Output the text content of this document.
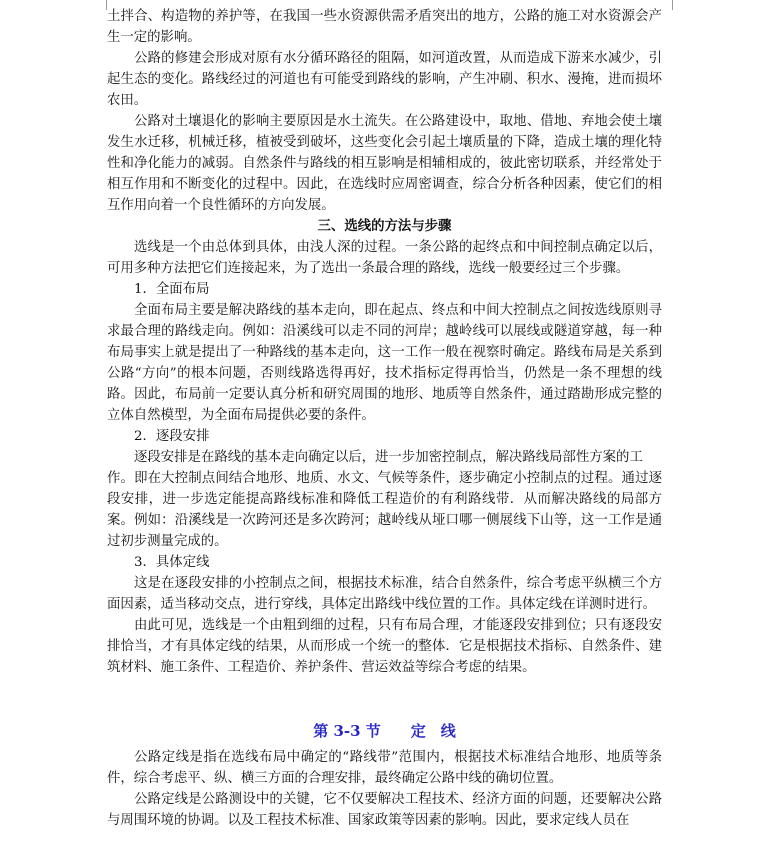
土拌合、构造物的养护等，在我国一些水资源供需矛盾突出的地方，公路的施工对水资源会产生一定的影响。

公路的修建会形成对原有水分循环路径的阻隔，如河道改置，从而造成下游来水减少，引起生态的变化。路线经过的河道也有可能受到路线的影响，产生冲刷、积水、漫掩，进而损坏农田。

公路对土壤退化的影响主要原因是水土流失。在公路建设中，取地、借地、弃地会使土壤发生水迁移，机械迁移，植被受到破坏，这些变化会引起土壤质量的下降，造成土壤的理化特性和净化能力的减弱。自然条件与路线的相互影响是相辅相成的，彼此密切联系，并经常处于相互作用和不断变化的过程中。因此，在选线时应周密调查，综合分析各种因素，使它们的相互作用向着一个良性循环的方向发展。

三、选线的方法与步骤

选线是一个由总体到具体，由浅人深的过程。一条公路的起终点和中间控制点确定以后，可用多种方法把它们连接起来，为了选出一条最合理的路线，选线一般要经过三个步骤。

1．全面布局

全面布局主要是解决路线的基本走向，即在起点、终点和中间大控制点之间按选线原则寻求最合理的路线走向。例如：沿溪线可以走不同的河岸；越岭线可以展线或隧道穿越，每一种布局事实上就是提出了一种路线的基本走向，这一工作一般在视察时确定。路线布局是关系到公路“方向”的根本问题，否则线路选得再好，技术指标定得再恰当，仍然是一条不理想的线路。因此，布局前一定要认真分析和研究周围的地形、地质等自然条件，通过踏勘形成完整的立体自然模型，为全面布局提供必要的条件。

2．逐段安排

逐段安排是在路线的基本走向确定以后，进一步加密控制点，解决路线局部性方案的工

作。即在大控制点间结合地形、地质、水文、气候等条件，逐步确定小控制点的过程。通过逐段安排，进一步选定能提高路线标准和降低工程造价的有利路线带．从而解决路线的局部方案。例如：沿溪线是一次跨河还是多次跨河；越岭线从垭口哪一侧展线下山等，这一工作是通过初步测量完成的。

3．具体定线

这是在逐段安排的小控制点之间，根据技术标准，结合自然条件，综合考虑平纵横三个方面因素，适当移动交点，进行穿线，具体定出路线中线位置的工作。具体定线在详测时进行。

由此可见，选线是一个由粗到细的过程，只有布局合理，才能逐段安排到位；只有逐段安排恰当，才有具体定线的结果，从而形成一个统一的整体．它是根据技术指标、自然条件、建筑材料、施工条件、工程造价、养护条件、营运效益等综合考虑的结果。

第 3-3 节 定　线

公路定线是指在选线布局中确定的“路线带”范围内，根据技术标准结合地形、地质等条件，综合考虑平、纵、横三方面的合理安排，最终确定公路中线的确切位置。

公路定线是公路测设中的关键，它不仅要解决工程技术、经济方面的问题，还要解决公路与周围环境的协调。以及工程技术标准、国家政策等因素的影响。因此，要求定线人员在
